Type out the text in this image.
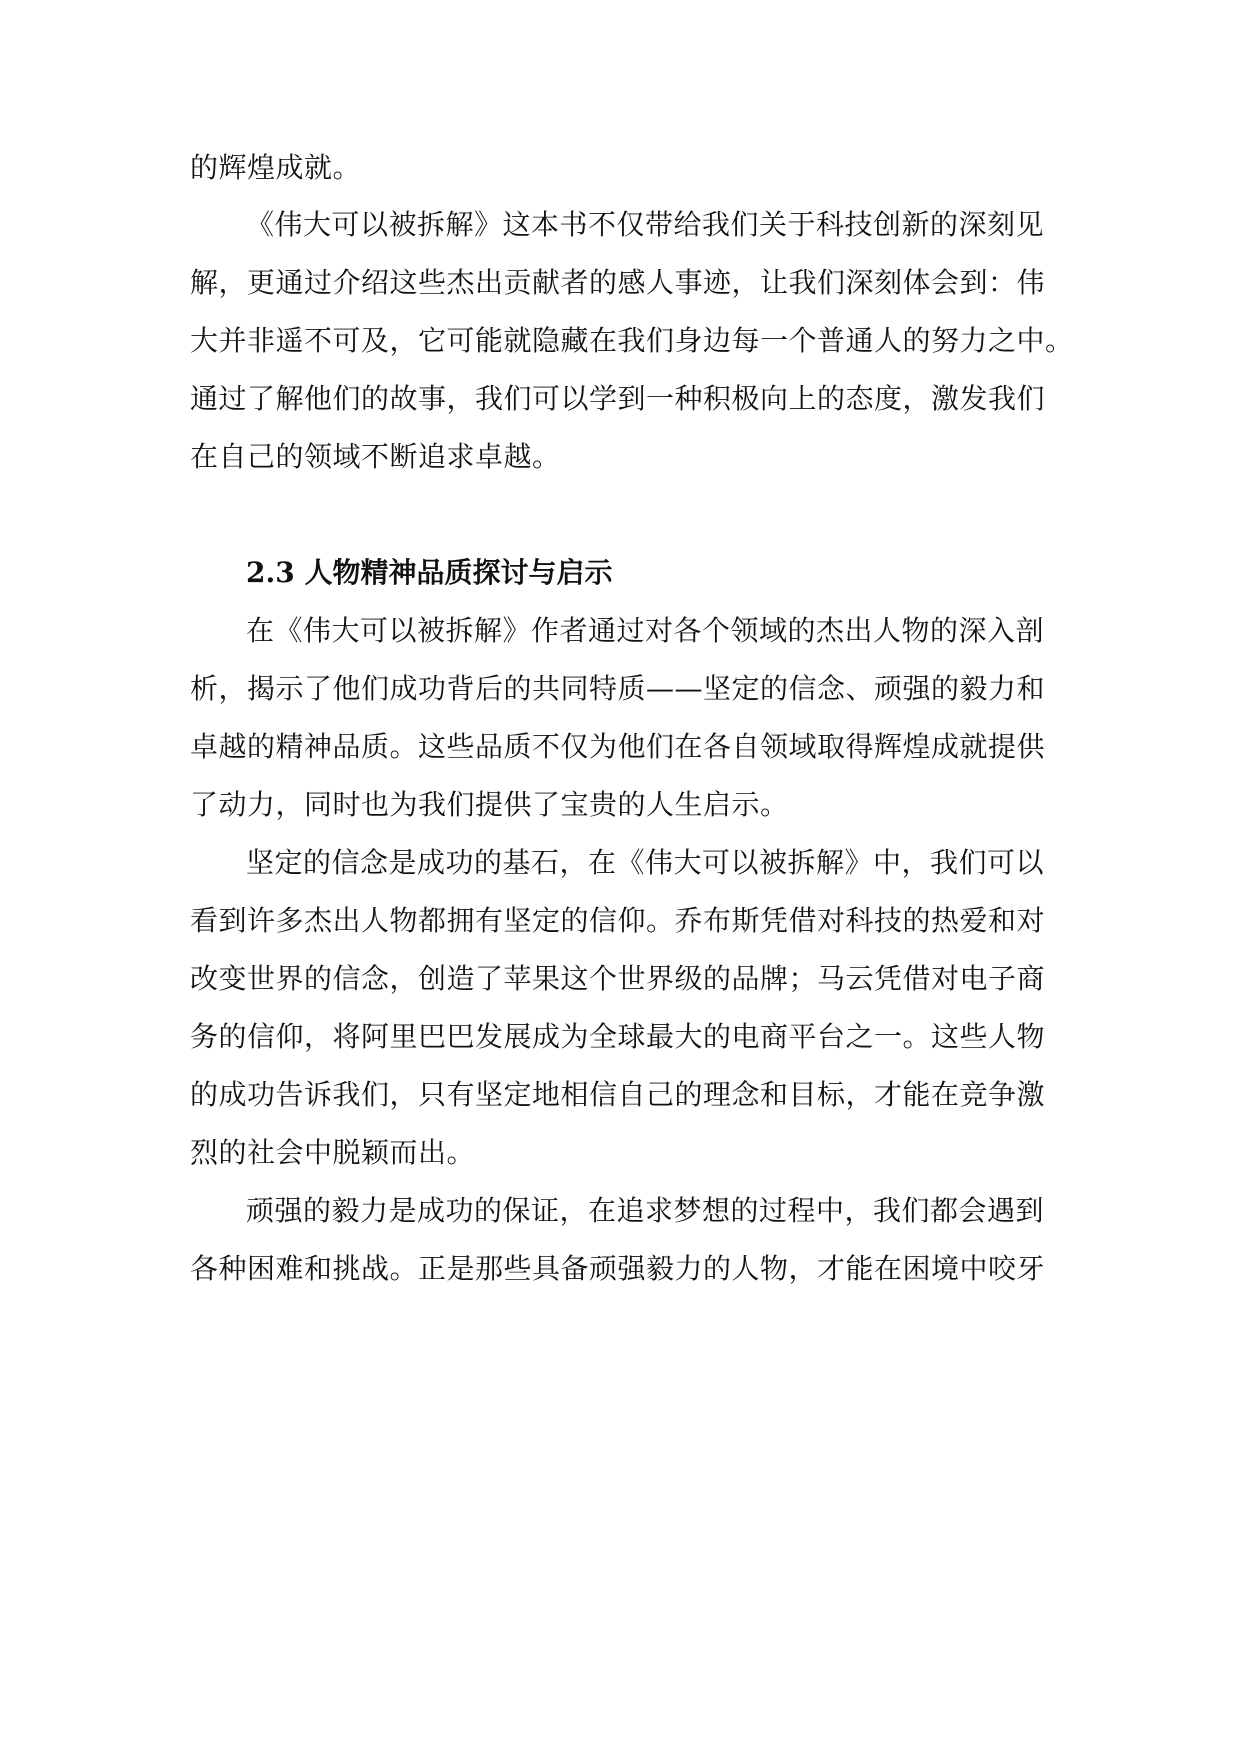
的辉煌成就。
《伟大可以被拆解》这本书不仅带给我们关于科技创新的深刻见
解，更通过介绍这些杰出贡献者的感人事迹，让我们深刻体会到：伟
大并非遥不可及，它可能就隐藏在我们身边每一个普通人的努力之中。
通过了解他们的故事，我们可以学到一种积极向上的态度，激发我们
在自己的领域不断追求卓越。
2.3 人物精神品质探讨与启示
在《伟大可以被拆解》作者通过对各个领域的杰出人物的深入剖
析，揭示了他们成功背后的共同特质——坚定的信念、顽强的毅力和
卓越的精神品质。这些品质不仅为他们在各自领域取得辉煌成就提供
了动力，同时也为我们提供了宝贵的人生启示。
坚定的信念是成功的基石，在《伟大可以被拆解》中，我们可以
看到许多杰出人物都拥有坚定的信仰。乔布斯凭借对科技的热爱和对
改变世界的信念，创造了苹果这个世界级的品牌；马云凭借对电子商
务的信仰，将阿里巴巴发展成为全球最大的电商平台之一。这些人物
的成功告诉我们，只有坚定地相信自己的理念和目标，才能在竞争激
烈的社会中脱颖而出。
顽强的毅力是成功的保证，在追求梦想的过程中，我们都会遇到
各种困难和挑战。正是那些具备顽强毅力的人物，才能在困境中咬牙
